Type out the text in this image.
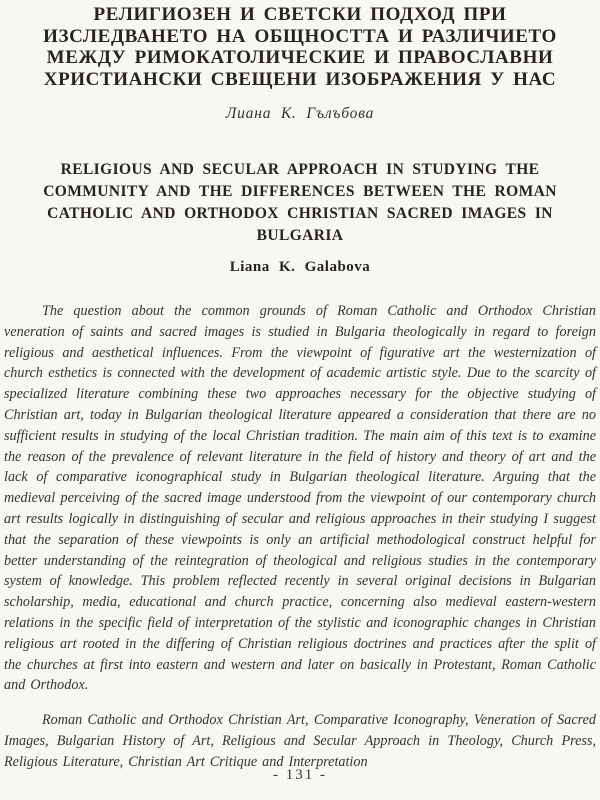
РЕЛИГИОЗЕН И СВЕТСКИ ПОДХОД ПРИ
ИЗСЛЕДВАНЕТО НА ОБЩНОСТТА И РАЗЛИЧИЕТО
МЕЖДУ РИМОКАТОЛИЧЕСКИЕ И ПРАВОСЛАВНИ
ХРИСТИАНСКИ СВЕЩЕНИ ИЗОБРАЖЕНИЯ У НАС
Лиана К. Гълъбова
RELIGIOUS AND SECULAR APPROACH IN STUDYING THE
COMMUNITY AND THE DIFFERENCES BETWEEN THE ROMAN
CATHOLIC AND ORTHODOX CHRISTIAN SACRED IMAGES IN
BULGARIA
Liana K. Galabova

The question about the common grounds of Roman Catholic and Orthodox Christian veneration of saints and sacred images is studied in Bulgaria theologically in regard to foreign religious and aesthetical influences. From the viewpoint of figurative art the westernization of church esthetics is connected with the development of academic artistic style. Due to the scarcity of specialized literature combining these two approaches necessary for the objective studying of Christian art, today in Bulgarian theological literature appeared a consideration that there are no sufficient results in studying of the local Christian tradition. The main aim of this text is to examine the reason of the prevalence of relevant literature in the field of history and theory of art and the lack of comparative iconographical study in Bulgarian theological literature. Arguing that the medieval perceiving of the sacred image understood from the viewpoint of our contemporary church art results logically in distinguishing of secular and religious approaches in their studying I suggest that the separation of these viewpoints is only an artificial methodological construct helpful for better understanding of the reintegration of theological and religious studies in the contemporary system of knowledge. This problem reflected recently in several original decisions in Bulgarian scholarship, media, educational and church practice, concerning also medieval eastern-western relations in the specific field of interpretation of the stylistic and iconographic changes in Christian religious art rooted in the differing of Christian religious doctrines and practices after the split of the churches at first into eastern and western and later on basically in Protestant, Roman Catholic and Orthodox.

Roman Catholic and Orthodox Christian Art, Comparative Iconography, Veneration of Sacred Images, Bulgarian History of Art, Religious and Secular Approach in Theology, Church Press, Religious Literature, Christian Art Critique and Interpretation

- 131 -
